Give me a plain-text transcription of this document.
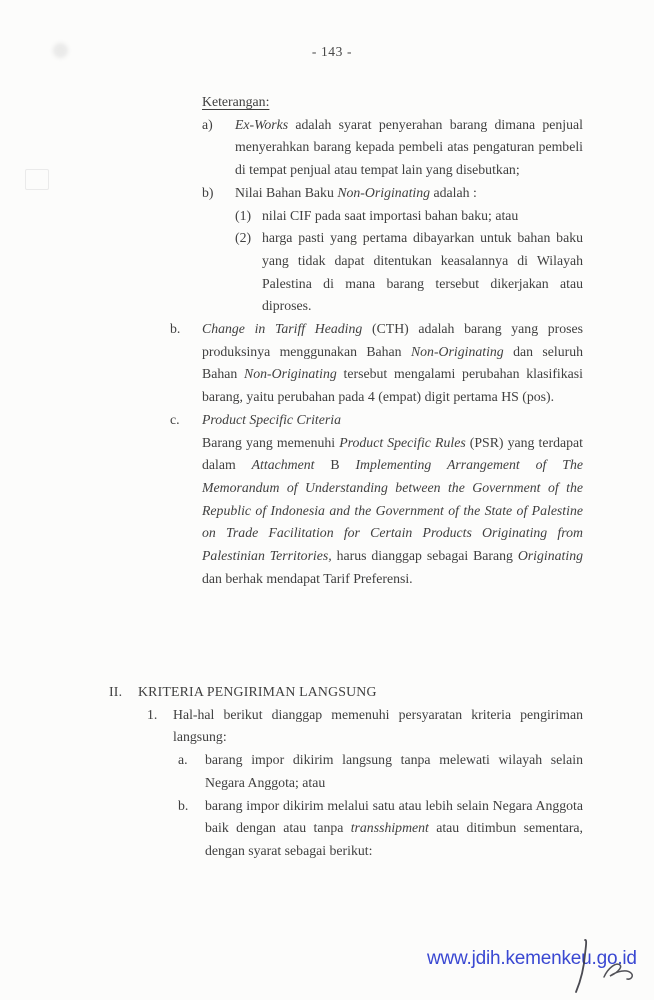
- 143 -
Keterangan:
a) Ex-Works adalah syarat penyerahan barang dimana penjual menyerahkan barang kepada pembeli atas pengaturan pembeli di tempat penjual atau tempat lain yang disebutkan;
b) Nilai Bahan Baku Non-Originating adalah :
(1) nilai CIF pada saat importasi bahan baku; atau
(2) harga pasti yang pertama dibayarkan untuk bahan baku yang tidak dapat ditentukan keasalannya di Wilayah Palestina di mana barang tersebut dikerjakan atau diproses.
b. Change in Tariff Heading (CTH) adalah barang yang proses produksinya menggunakan Bahan Non-Originating dan seluruh Bahan Non-Originating tersebut mengalami perubahan klasifikasi barang, yaitu perubahan pada 4 (empat) digit pertama HS (pos).
c. Product Specific Criteria
Barang yang memenuhi Product Specific Rules (PSR) yang terdapat dalam Attachment B Implementing Arrangement of The Memorandum of Understanding between the Government of the Republic of Indonesia and the Government of the State of Palestine on Trade Facilitation for Certain Products Originating from Palestinian Territories, harus dianggap sebagai Barang Originating dan berhak mendapat Tarif Preferensi.
II. KRITERIA PENGIRIMAN LANGSUNG
1. Hal-hal berikut dianggap memenuhi persyaratan kriteria pengiriman langsung:
a. barang impor dikirim langsung tanpa melewati wilayah selain Negara Anggota; atau
b. barang impor dikirim melalui satu atau lebih selain Negara Anggota baik dengan atau tanpa transshipment atau ditimbun sementara, dengan syarat sebagai berikut:
www.jdih.kemenkeu.go.id
